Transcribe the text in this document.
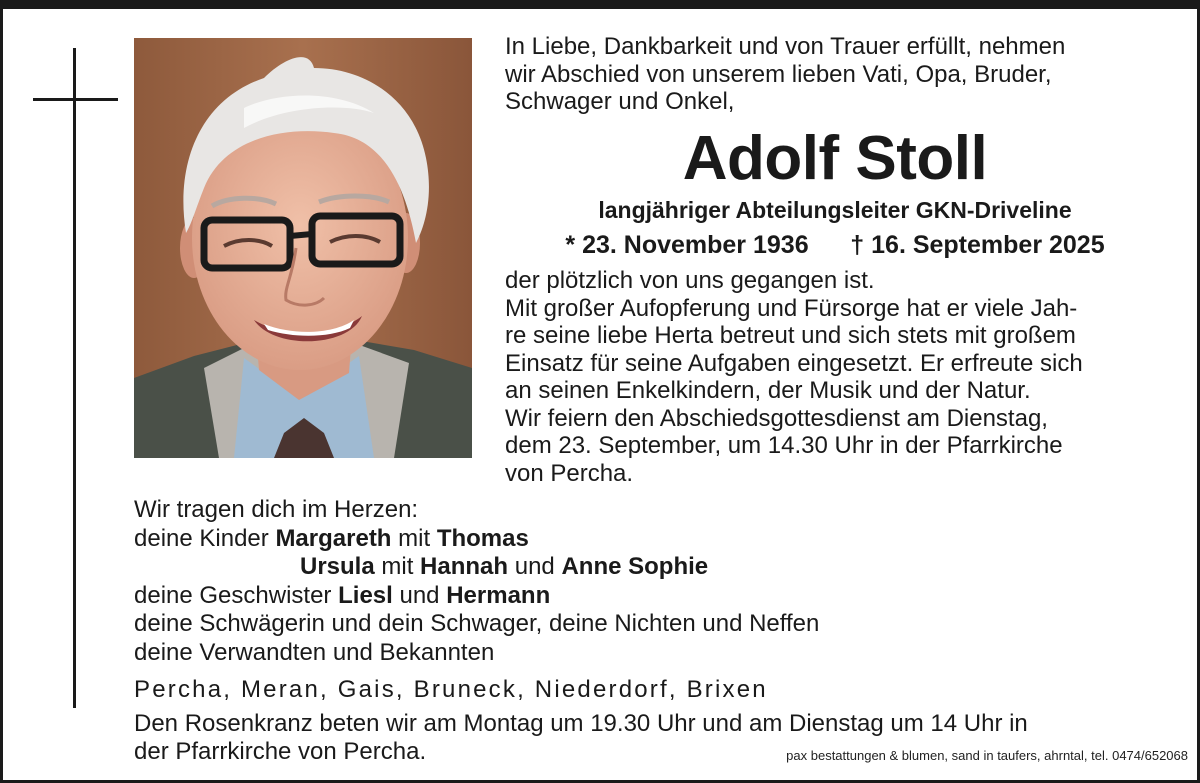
In Liebe, Dankbarkeit und von Trauer erfüllt, nehmen
wir Abschied von unserem lieben Vati, Opa, Bruder,
Schwager und Onkel,
Adolf Stoll
langjähriger Abteilungsleiter GKN-Driveline
* 23. November 1936 † 16. September 2025
der plötzlich von uns gegangen ist.
Mit großer Aufopferung und Fürsorge hat er viele Jah-
re seine liebe Herta betreut und sich stets mit großem
Einsatz für seine Aufgaben eingesetzt. Er erfreute sich
an seinen Enkelkindern, der Musik und der Natur.
Wir feiern den Abschiedsgottesdienst am Dienstag,
dem 23. September, um 14.30 Uhr in der Pfarrkirche
von Percha.
Wir tragen dich im Herzen:
deine Kinder Margareth mit Thomas
Ursula mit Hannah und Anne Sophie
deine Geschwister Liesl und Hermann
deine Schwägerin und dein Schwager, deine Nichten und Neffen
deine Verwandten und Bekannten
Percha, Meran, Gais, Bruneck, Niederdorf, Brixen
Den Rosenkranz beten wir am Montag um 19.30 Uhr und am Dienstag um 14 Uhr in
der Pfarrkirche von Percha.	pax bestattungen & blumen, sand in taufers, ahrntal, tel. 0474/652068
